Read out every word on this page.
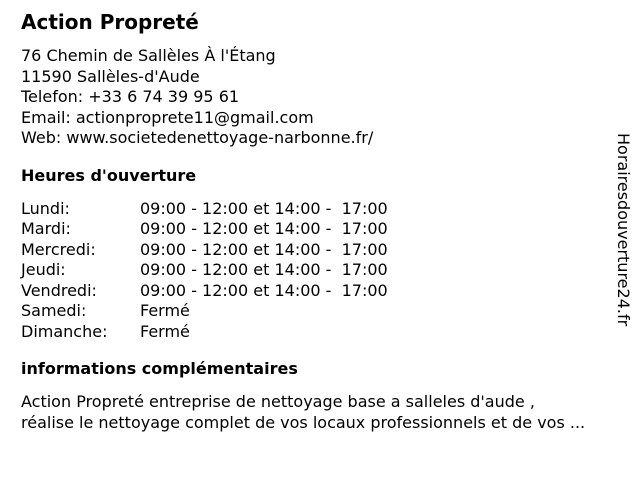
Action Propreté
76 Chemin de Sallèles À l'Étang
11590 Sallèles-d'Aude
Telefon: +33 6 74 39 95 61
Email: actionproprete11@gmail.com
Web: www.societedenettoyage-narbonne.fr/
Heures d'ouverture
Lundi:	09:00 - 12:00 et 14:00 -  17:00
Mardi:	09:00 - 12:00 et 14:00 -  17:00
Mercredi:	09:00 - 12:00 et 14:00 -  17:00
Jeudi:	09:00 - 12:00 et 14:00 -  17:00
Vendredi:	09:00 - 12:00 et 14:00 -  17:00
Samedi:	Fermé
Dimanche:	Fermé
informations complémentaires
Action Propreté entreprise de nettoyage base a salleles d'aude ,
réalise le nettoyage complet de vos locaux professionnels et de vos ...
Horairesdouverture24.fr
